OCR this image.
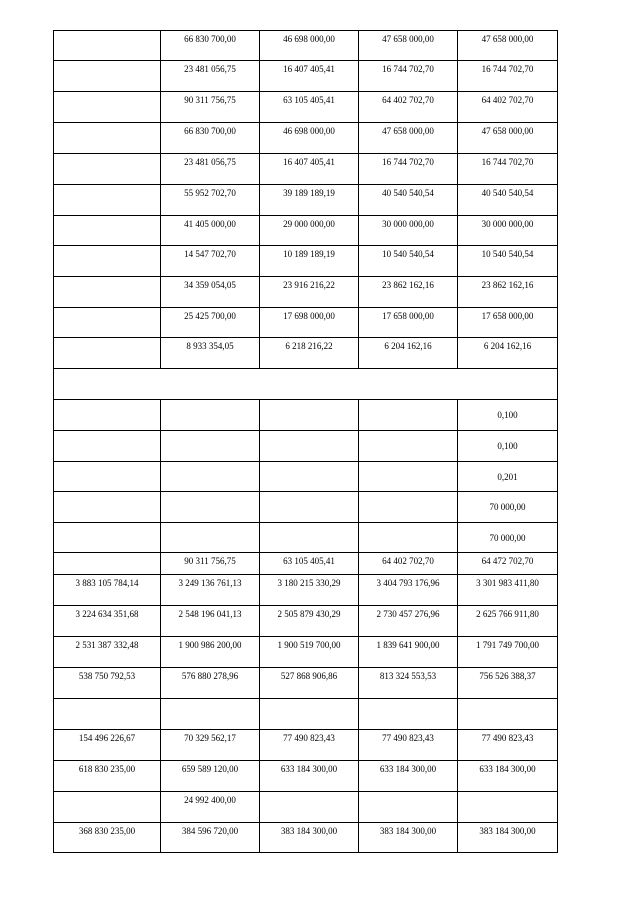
	66 830 700,00	46 698 000,00	47 658 000,00	47 658 000,00
	23 481 056,75	16 407 405,41	16 744 702,70	16 744 702,70
	90 311 756,75	63 105 405,41	64 402 702,70	64 402 702,70
	66 830 700,00	46 698 000,00	47 658 000,00	47 658 000,00
	23 481 056,75	16 407 405,41	16 744 702,70	16 744 702,70
	55 952 702,70	39 189 189,19	40 540 540,54	40 540 540,54
	41 405 000,00	29 000 000,00	30 000 000,00	30 000 000,00
	14 547 702,70	10 189 189,19	10 540 540,54	10 540 540,54
	34 359 054,05	23 916 216,22	23 862 162,16	23 862 162,16
	25 425 700,00	17 698 000,00	17 658 000,00	17 658 000,00
	8 933 354,05	6 218 216,22	6 204 162,16	6 204 162,16

				0,100
				0,100
				0,201
				70 000,00
				70 000,00
	90 311 756,75	63 105 405,41	64 402 702,70	64 472 702,70
3 883 105 784,14	3 249 136 761,13	3 180 215 330,29	3 404 793 176,96	3 301 983 411,80
3 224 634 351,68	2 548 196 041,13	2 505 879 430,29	2 730 457 276,96	2 625 766 911,80
2 531 387 332,48	1 900 986 200,00	1 900 519 700,00	1 839 641 900,00	1 791 749 700,00
538 750 792,53	576 880 278,96	527 868 906,86	813 324 553,53	756 526 388,37

154 496 226,67	70 329 562,17	77 490 823,43	77 490 823,43	77 490 823,43
618 830 235,00	659 589 120,00	633 184 300,00	633 184 300,00	633 184 300,00
	24 992 400,00			
368 830 235,00	384 596 720,00	383 184 300,00	383 184 300,00	383 184 300,00
